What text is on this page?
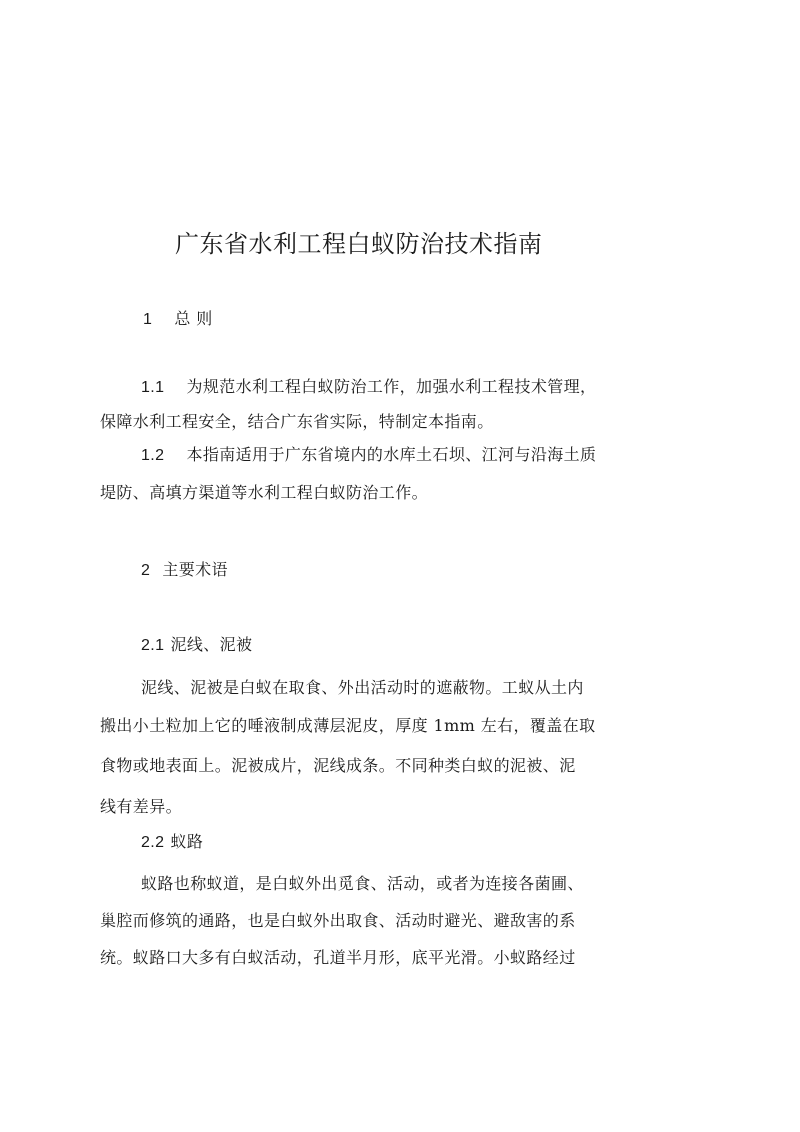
广东省水利工程白蚁防治技术指南
1 总 则
1.1 为规范水利工程白蚁防治工作，加强水利工程技术管理，
保障水利工程安全，结合广东省实际，特制定本指南。
1.2 本指南适用于广东省境内的水库土石坝、江河与沿海土质
堤防、高填方渠道等水利工程白蚁防治工作。
2 主要术语
2.1 泥线、泥被
泥线、泥被是白蚁在取食、外出活动时的遮蔽物。工蚁从土内
搬出小土粒加上它的唾液制成薄层泥皮，厚度 1mm 左右，覆盖在取
食物或地表面上。泥被成片，泥线成条。不同种类白蚁的泥被、泥
线有差异。
2.2 蚁路
蚁路也称蚁道，是白蚁外出觅食、活动，或者为连接各菌圃、
巢腔而修筑的通路，也是白蚁外出取食、活动时避光、避敌害的系
统。蚁路口大多有白蚁活动，孔道半月形，底平光滑。小蚁路经过
